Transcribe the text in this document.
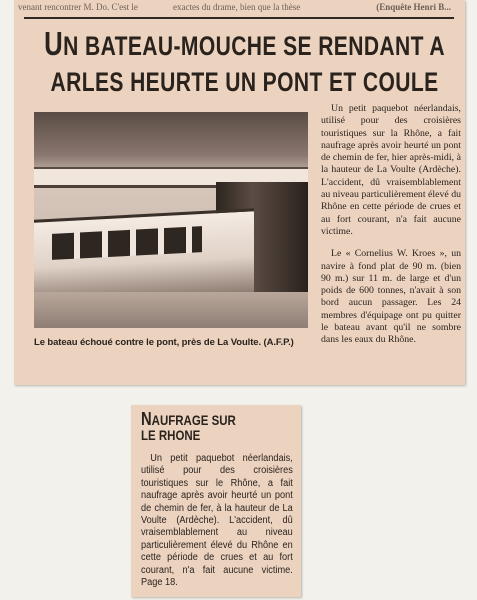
venant rencontrer M. Do. C'est le	exactes du drame, bien que la thèse	(Enquête Henri B...
UN BATEAU-MOUCHE SE RENDANT A
ARLES HEURTE UN PONT ET COULE
Le bateau échoué contre le pont, près de La Voulte. (A.F.P.)

Un petit paquebot néerlandais, utilisé pour des croisières touristiques sur la Rhône, a fait naufrage après avoir heurté un pont de chemin de fer, hier après-midi, à la hauteur de La Voulte (Ardèche). L'accident, dû vraisemblablement au niveau particulièrement élevé du Rhône en cette période de crues et au fort courant, n'a fait aucune victime.

Le « Cornelius W. Kroes », un navire à fond plat de 90 m. (bien 90 m.) sur 11 m. de large et d'un poids de 600 tonnes, n'avait à son bord aucun passager. Les 24 membres d'équipage ont pu quitter le bateau avant qu'il ne sombre dans les eaux du Rhône.

NAUFRAGE SUR
LE RHONE

Un petit paquebot néerlandais, utilisé pour des croisières touristiques sur le Rhône, a fait naufrage après avoir heurté un pont de chemin de fer, à la hauteur de La Voulte (Ardèche). L'accident, dû vraisemblablement au niveau particulièrement élevé du Rhône en cette période de crues et au fort courant, n'a fait aucune victime. Page 18.
